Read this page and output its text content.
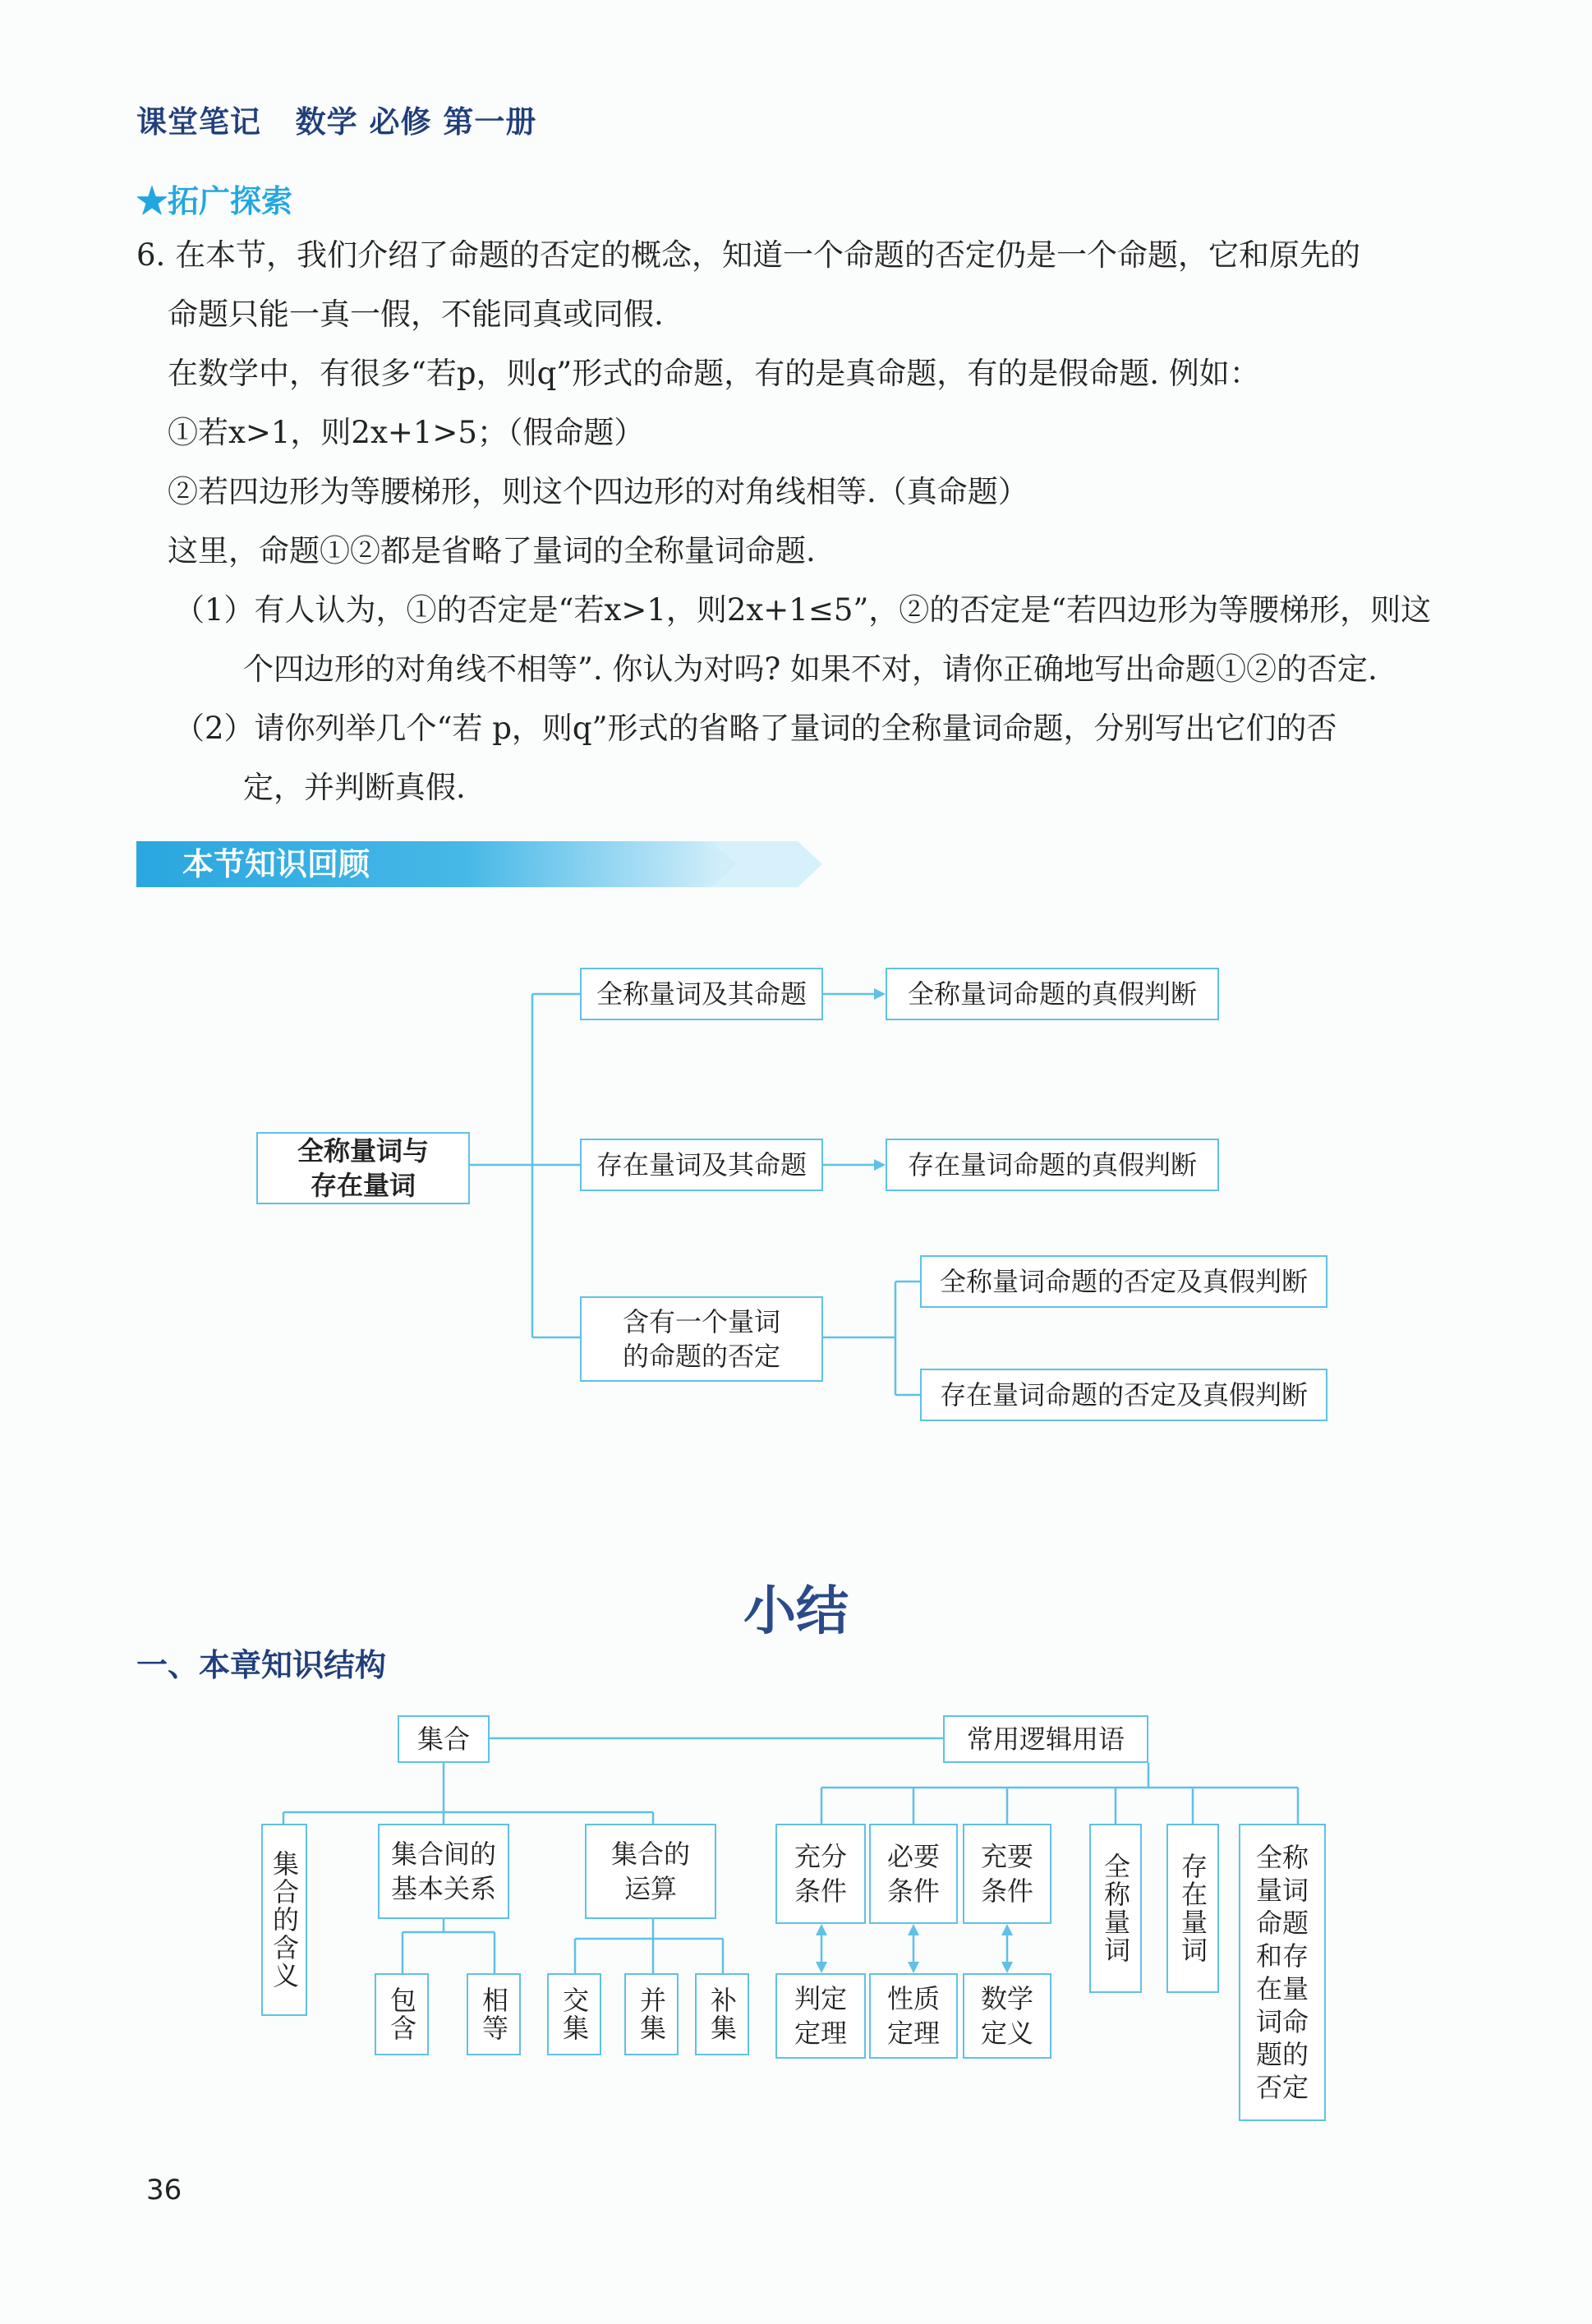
课堂笔记   数学 必修 第一册
★拓广探索
6. 在本节，我们介绍了命题的否定的概念，知道一个命题的否定仍是一个命题，它和原先的
命题只能一真一假，不能同真或同假.
在数学中，有很多“若p，则q”形式的命题，有的是真命题，有的是假命题. 例如：
①若x>1，则2x+1>5；（假命题）
②若四边形为等腰梯形，则这个四边形的对角线相等.（真命题）
这里，命题①②都是省略了量词的全称量词命题.
（1）有人认为，①的否定是“若x>1，则2x+1≤5”，②的否定是“若四边形为等腰梯形，则这
个四边形的对角线不相等”. 你认为对吗? 如果不对，请你正确地写出命题①②的否定.
（2）请你列举几个“若 p，则q”形式的省略了量词的全称量词命题，分别写出它们的否
定，并判断真假.
本节知识回顾
全称量词与
存在量词
全称量词及其命题	全称量词命题的真假判断
存在量词及其命题	存在量词命题的真假判断
含有一个量词
的命题的否定
全称量词命题的否定及真假判断
存在量词命题的否定及真假判断
小结
一、本章知识结构
集合	常用逻辑用语
集合的含义	集合间的
基本关系
集合的
运算
包含	相等	交集	并集	补集
充分
条件
必要
条件
充要
条件
判定
定理
性质
定理
数学
定义
全称量词	存在量词	全称
量词
命题
和存
在量
词命
题的
否定
36
